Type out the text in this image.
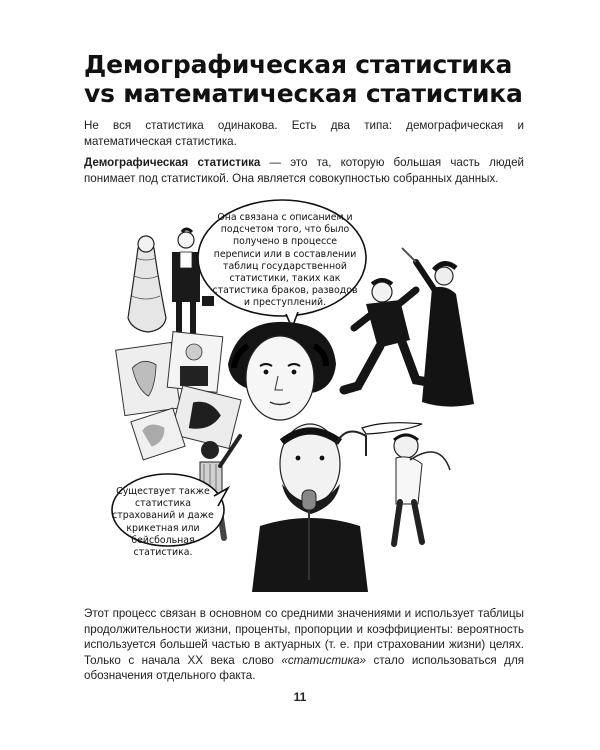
Демографическая статистика
vs математическая статистика

Не вся статистика одинакова. Есть два типа: демографическая и математическая статистика.

Демографическая статистика — это та, которую большая часть людей понимает под статистикой. Она является совокупностью собранных данных.

Она связана с описанием и подсчетом того, что было получено в процессе переписи или в составлении таблиц государственной статистики, таких как статистика браков, разводов и преступлений.
Существует также статистика страхований и даже крикетная или бейсбольная статистика.

Этот процесс связан в основном со средними значениями и использует таблицы продолжительности жизни, проценты, пропорции и коэффициенты: вероятность используется большей частью в актуарных (т. е. при страховании жизни) целях. Только с начала XX века слово «статистика» стало использоваться для обозначения отдельного факта.

11
